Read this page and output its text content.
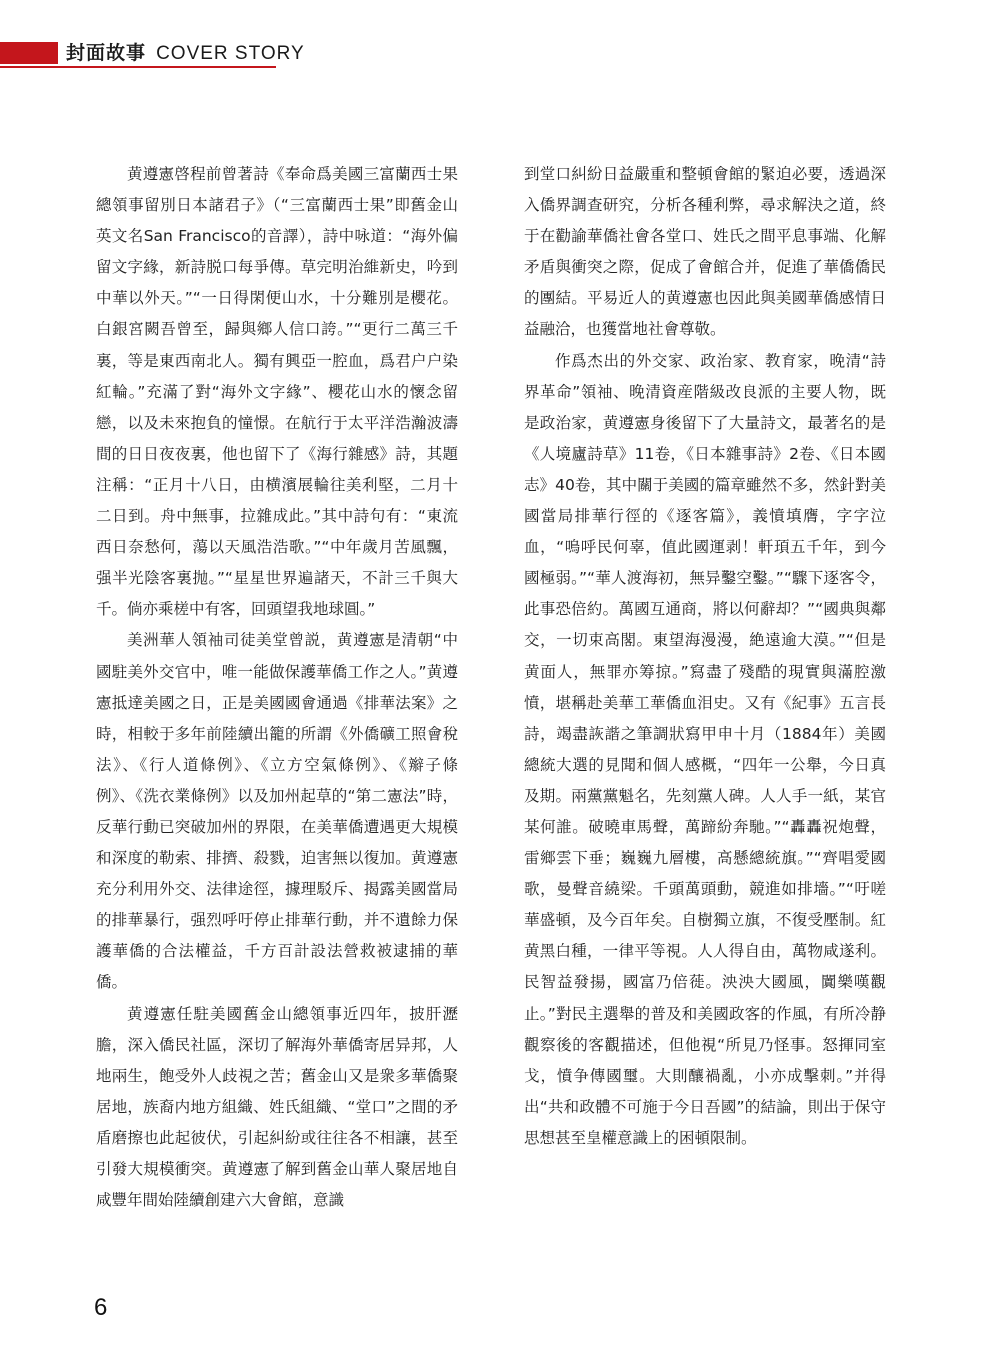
封面故事 COVER STORY

黄遵憲啓程前曾著詩《奉命爲美國三富蘭西士果總領事留別日本諸君子》（“三富蘭西士果”即舊金山英文名San Francisco的音譯），詩中咏道：“海外偏留文字緣，新詩脱口每爭傳。草完明治維新史，吟到中華以外天。”“一日得閑便山水，十分難別是櫻花。白銀宮闕吾曾至，歸與鄉人信口誇。”“更行二萬三千裏，等是東西南北人。獨有興亞一腔血，爲君户户染紅輪。”充滿了對“海外文字緣”、櫻花山水的懷念留戀，以及未來抱負的憧憬。在航行于太平洋浩瀚波濤間的日日夜夜裏，他也留下了《海行雜感》詩，其題注稱：“正月十八日，由横濱展輪往美利堅，二月十二日到。舟中無事，拉雜成此。”其中詩句有：“東流西日奈愁何，蕩以天風浩浩歌。”“中年歲月苦風飄，强半光陰客裏抛。”“星星世界遍諸天，不計三千與大千。倘亦乘槎中有客，回頭望我地球圓。”

美洲華人領袖司徒美堂曾説，黄遵憲是清朝“中國駐美外交官中，唯一能做保護華僑工作之人。”黄遵憲抵達美國之日，正是美國國會通過《排華法案》之時，相較于多年前陸續出籠的所謂《外僑礦工照會稅法》、《行人道條例》、《立方空氣條例》、《辮子條例》、《洗衣業條例》以及加州起草的“第二憲法”時，反華行動已突破加州的界限，在美華僑遭遇更大規模和深度的勒索、排擠、殺戮，迫害無以復加。黄遵憲充分利用外交、法律途徑，據理駁斥、揭露美國當局的排華暴行，强烈呼吁停止排華行動，并不遺餘力保護華僑的合法權益，千方百計設法營救被逮捕的華僑。

黄遵憲任駐美國舊金山總領事近四年，披肝瀝膽，深入僑民社區，深切了解海外華僑寄居异邦，人地兩生，飽受外人歧視之苦；舊金山又是衆多華僑聚居地，族裔内地方組織、姓氏組織、“堂口”之間的矛盾磨擦也此起彼伏，引起糾紛或往往各不相讓，甚至引發大規模衝突。黄遵憲了解到舊金山華人聚居地自咸豐年間始陸續創建六大會館，意識

到堂口糾紛日益嚴重和整頓會館的緊迫必要，透過深入僑界調查研究，分析各種利弊，尋求解決之道，終于在勸諭華僑社會各堂口、姓氏之間平息事端、化解矛盾與衝突之際，促成了會館合并，促進了華僑僑民的團結。平易近人的黄遵憲也因此與美國華僑感情日益融洽，也獲當地社會尊敬。

作爲杰出的外交家、政治家、教育家，晚清“詩界革命”領袖、晚清資産階級改良派的主要人物，既是政治家，黄遵憲身後留下了大量詩文，最著名的是《人境廬詩草》11卷，《日本雜事詩》2卷、《日本國志》40卷，其中關于美國的篇章雖然不多，然針對美國當局排華行徑的《逐客篇》，義憤填膺，字字泣血，“嗚呼民何辜，值此國運剥！軒頊五千年，到今國極弱。”“華人渡海初，無异鑿空鑿。”“驟下逐客令，此事恐倍約。萬國互通商，將以何辭却？”“國典與鄰交，一切束高閣。東望海漫漫，絶遠逾大漠。”“但是黄面人，無罪亦筹掠。”寫盡了殘酷的現實與滿腔激憤，堪稱赴美華工華僑血泪史。又有《紀事》五言長詩，竭盡詼諧之筆調狀寫甲申十月（1884年）美國總統大選的見聞和個人感概，“四年一公舉，今日真及期。兩黨黨魁名，先刻黨人碑。人人手一紙，某官某何誰。破曉車馬聲，萬蹄紛奔馳。”“轟轟祝炮聲，雷鄉雲下垂；巍巍九層樓，高懸總統旗。”“齊唱愛國歌，曼聲音繞梁。千頭萬頭動，競進如排墻。”“吁嗟華盛頓，及今百年矣。自樹獨立旗，不復受壓制。紅黄黑白種，一律平等視。人人得自由，萬物咸遂利。民智益發揚，國富乃倍蓰。泱泱大國風，闐樂嘆觀止。”對民主選舉的普及和美國政客的作風，有所冷静觀察後的客觀描述，但他視“所見乃怪事。怒揮同室戈，憤争傳國璽。大則釀禍亂，小亦成擊刺。”并得出“共和政體不可施于今日吾國”的結論，則出于保守思想甚至皇權意識上的困頓限制。

6
